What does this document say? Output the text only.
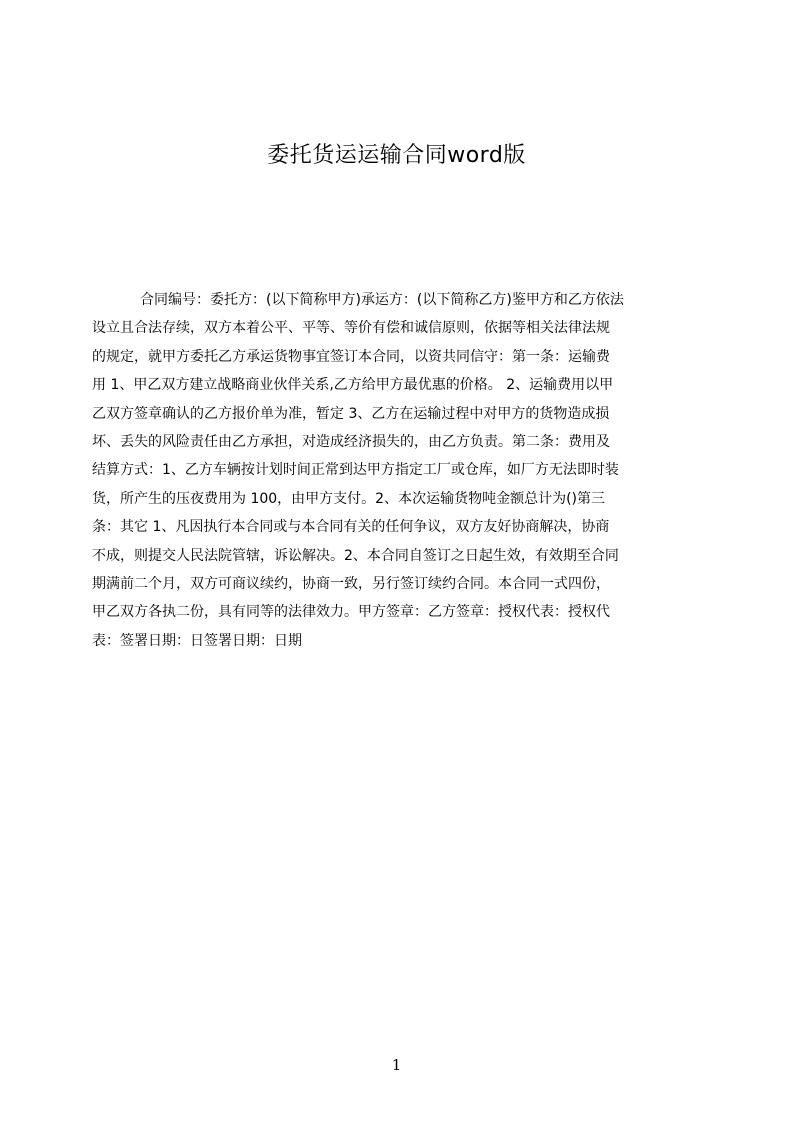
委托货运运输合同word版
合同编号：委托方：(以下简称甲方)承运方：(以下简称乙方)鉴甲方和乙方依法
设立且合法存续，双方本着公平、平等、等价有偿和诚信原则，依据等相关法律法规
的规定，就甲方委托乙方承运货物事宜签订本合同，以资共同信守：第一条：运输费
用 1、甲乙双方建立战略商业伙伴关系,乙方给甲方最优惠的价格。 2、运输费用以甲
乙双方签章确认的乙方报价单为准，暂定 3、乙方在运输过程中对甲方的货物造成损
坏、丢失的风险责任由乙方承担，对造成经济损失的，由乙方负责。第二条：费用及
结算方式：1、乙方车辆按计划时间正常到达甲方指定工厂或仓库，如厂方无法即时装
货，所产生的压夜费用为 100，由甲方支付。2、本次运输货物吨金额总计为()第三
条：其它 1、凡因执行本合同或与本合同有关的任何争议，双方友好协商解决，协商
不成，则提交人民法院管辖，诉讼解决。2、本合同自签订之日起生效，有效期至合同
期满前二个月，双方可商议续约，协商一致，另行签订续约合同。本合同一式四份，
甲乙双方各执二份，具有同等的法律效力。甲方签章：乙方签章：授权代表：授权代
表：签署日期：日签署日期：日期
1
